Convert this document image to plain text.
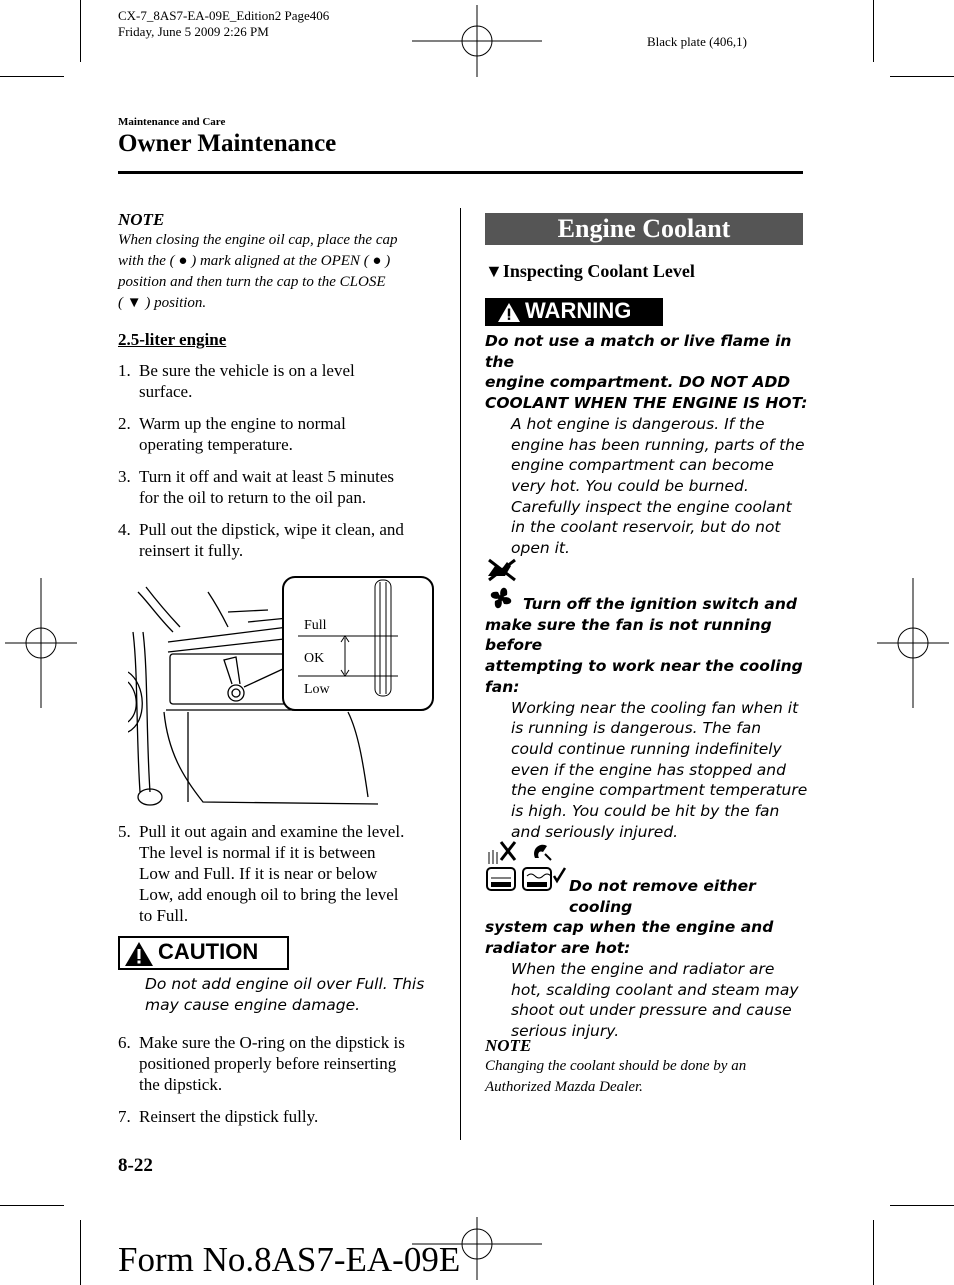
CX-7_8AS7-EA-09E_Edition2 Page406
Friday, June 5 2009 2:26 PM
Black plate (406,1)
Maintenance and Care
Owner Maintenance
NOTE
When closing the engine oil cap, place the cap
with the ( ● ) mark aligned at the OPEN ( ● )
position and then turn the cap to the CLOSE
( ▼ ) position.
2.5-liter engine
1. Be sure the vehicle is on a level
surface.
2. Warm up the engine to normal
operating temperature.
3. Turn it off and wait at least 5 minutes
for the oil to return to the oil pan.
4. Pull out the dipstick, wipe it clean, and
reinsert it fully.
Full
OK
Low
5. Pull it out again and examine the level.
The level is normal if it is between
Low and Full. If it is near or below
Low, add enough oil to bring the level
to Full.
CAUTION
Do not add engine oil over Full. This
may cause engine damage.
6. Make sure the O-ring on the dipstick is
positioned properly before reinserting
the dipstick.
7. Reinsert the dipstick fully.
Engine Coolant
▼Inspecting Coolant Level
WARNING
Do not use a match or live flame in the
engine compartment. DO NOT ADD
COOLANT WHEN THE ENGINE IS HOT:
A hot engine is dangerous. If the
engine has been running, parts of the
engine compartment can become
very hot. You could be burned.
Carefully inspect the engine coolant
in the coolant reservoir, but do not
open it.
Turn off the ignition switch and
make sure the fan is not running before
attempting to work near the cooling
fan:
Working near the cooling fan when it
is running is dangerous. The fan
could continue running indefinitely
even if the engine has stopped and
the engine compartment temperature
is high. You could be hit by the fan
and seriously injured.
Do not remove either cooling
system cap when the engine and
radiator are hot:
When the engine and radiator are
hot, scalding coolant and steam may
shoot out under pressure and cause
serious injury.
NOTE
Changing the coolant should be done by an
Authorized Mazda Dealer.
8-22
Form No.8AS7-EA-09E
